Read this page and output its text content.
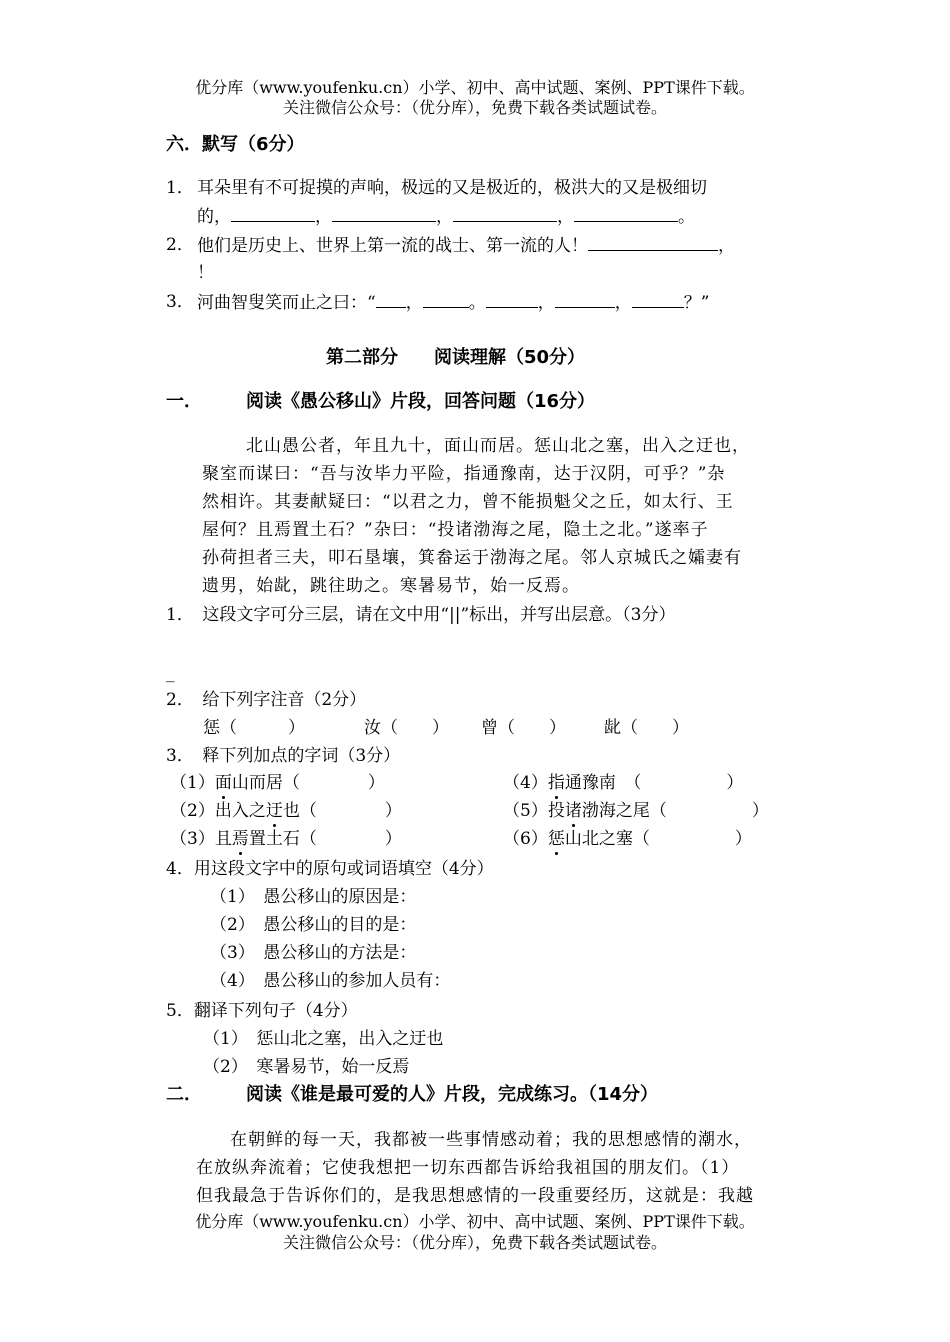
优分库（www.youfenku.cn）小学、初中、高中试题、案例、PPT课件下载。
关注微信公众号：（优分库），免费下载各类试题试卷。
六．默写（6分）
1． 耳朵里有不可捉摸的声响，极远的又是极近的，极洪大的又是极细切
的，	，	，	，	。
2． 他们是历史上、世界上第一流的战士、第一流的人！	，
！
3． 河曲智叟笑而止之曰：“ ，	。	，	，	？”
第二部分　　阅读理解（50分）
一． 阅读《愚公移山》片段，回答问题（16分）
北山愚公者，年且九十，面山而居。惩山北之塞，出入之迂也，
聚室而谋曰：“吾与汝毕力平险，指通豫南，达于汉阴，可乎？”杂
然相许。其妻献疑曰：“以君之力，曾不能损魁父之丘，如太行、王
屋何？且焉置土石？”杂曰：“投诸渤海之尾，隐土之北。”遂率子
孙荷担者三夫，叩石垦壤，箕畚运于渤海之尾。邻人京城氏之孀妻有
遗男，始龀，跳往助之。寒暑易节，始一反焉。
1．　这段文字可分三层，请在文中用“||”标出，并写出层意。（3分）
_
2．　给下列字注音（2分）
惩（　　　）	汝（　　） 曾（　　） 龀（　　）
3．　释下列加点的字词（3分）
（1）面山而居（　　　　）	（4）指通豫南　（　　　　　）
（2）出入之迂也（　　　　）	（5）投诸渤海之尾（　　　　　）
（3）且焉置土石（　　　　）	（6）惩山北之塞（　　　　　）
4．用这段文字中的原句或词语填空（4分）
（1）　愚公移山的原因是：
（2）　愚公移山的目的是：
（3）　愚公移山的方法是：
（4）　愚公移山的参加人员有：
5．翻译下列句子（4分）
（1）　惩山北之塞，出入之迂也
（2）　寒暑易节，始一反焉
二． 阅读《谁是最可爱的人》片段，完成练习。（14分）
在朝鲜的每一天，我都被一些事情感动着；我的思想感情的潮水，
在放纵奔流着；它使我想把一切东西都告诉给我祖国的朋友们。（1）
但我最急于告诉你们的，是我思想感情的一段重要经历，这就是：我越
优分库（www.youfenku.cn）小学、初中、高中试题、案例、PPT课件下载。
关注微信公众号：（优分库），免费下载各类试题试卷。
